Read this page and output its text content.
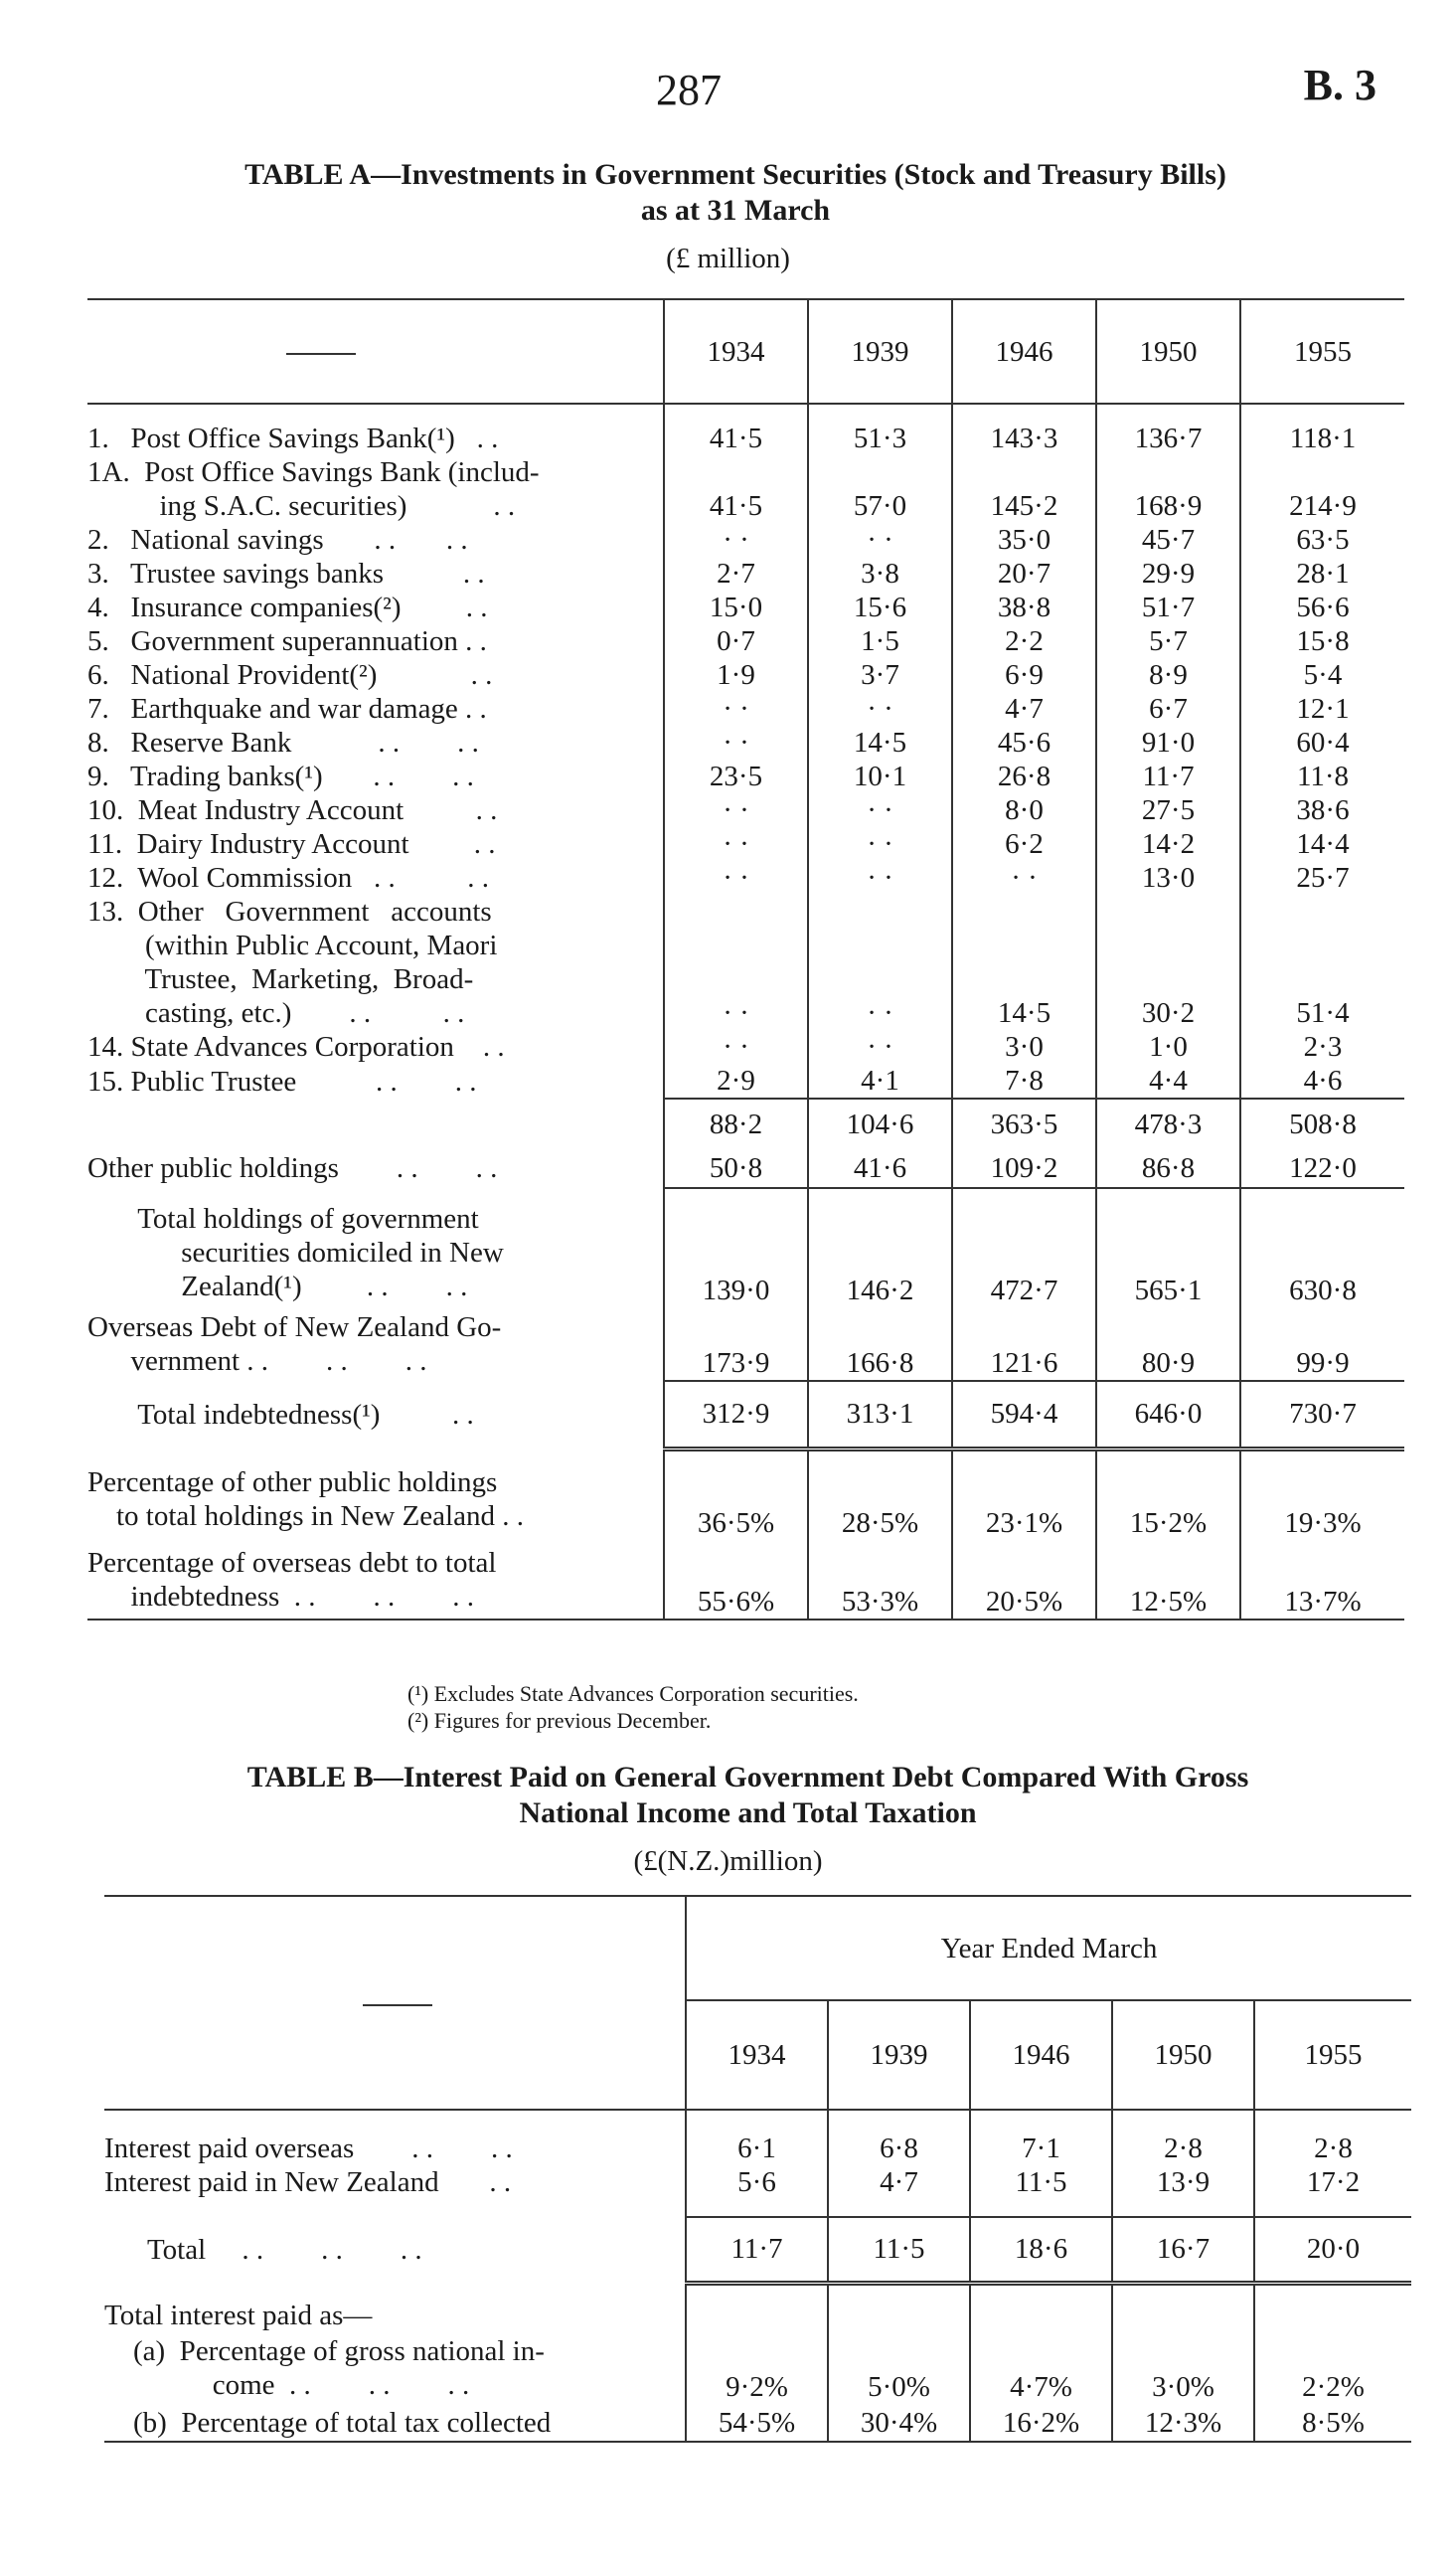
287	B. 3
TABLE A—Investments in Government Securities (Stock and Treasury Bills)
as at 31 March
(£ million)
	1934	1939	1946	1950	1955

1.   Post Office Savings Bank(¹)   . .	41·5	51·3	143·3	136·7	118·1
1A.  Post Office Savings Bank (includ-
ing S.A.C. securities)            . .	41·5	57·0	145·2	168·9	214·9
2.   National savings       . .       . .	· ·	· ·	35·0	45·7	63·5
3.   Trustee savings banks           . .	2·7	3·8	20·7	29·9	28·1
4.   Insurance companies(²)         . .	15·0	15·6	38·8	51·7	56·6
5.   Government superannuation . .	0·7	1·5	2·2	5·7	15·8
6.   National Provident(²)             . .	1·9	3·7	6·9	8·9	5·4
7.   Earthquake and war damage . .	· ·	· ·	4·7	6·7	12·1
8.   Reserve Bank            . .        . .	· ·	14·5	45·6	91·0	60·4
9.   Trading banks(¹)       . .        . .	23·5	10·1	26·8	11·7	11·8
10.  Meat Industry Account          . .	· ·	· ·	8·0	27·5	38·6
11.  Dairy Industry Account         . .	· ·	· ·	6·2	14·2	14·4
12.  Wool Commission   . .          . .	· ·	· ·	· ·	13·0	25·7
13.  Other   Government   accounts
(within Public Account, Maori
Trustee,  Marketing,  Broad-
casting, etc.)        . .          . .	· ·	· ·	14·5	30·2	51·4
14. State Advances Corporation    . .	· ·	· ·	3·0	1·0	2·3
15. Public Trustee           . .        . .	2·9	4·1	7·8	4·4	4·6
	88·2	104·6	363·5	478·3	508·8
Other public holdings        . .        . .	50·8	41·6	109·2	86·8	122·0
Total holdings of government
securities domiciled in New
Zealand(¹)         . .        . .	139·0	146·2	472·7	565·1	630·8
Overseas Debt of New Zealand Go-
vernment . .        . .        . .	173·9	166·8	121·6	80·9	99·9
Total indebtedness(¹)          . .	312·9	313·1	594·4	646·0	730·7
Percentage of other public holdings
to total holdings in New Zealand . .	36·5%	28·5%	23·1%	15·2%	19·3%
Percentage of overseas debt to total
indebtedness  . .        . .        . .	55·6%	53·3%	20·5%	12·5%	13·7%
(¹) Excludes State Advances Corporation securities.
(²) Figures for previous December.
TABLE B—Interest Paid on General Government Debt Compared With Gross
National Income and Total Taxation
(£(N.Z.)million)
	Year Ended March				
	1934	1939	1946	1950	1955

Interest paid overseas        . .        . .	6·1	6·8	7·1	2·8	2·8
Interest paid in New Zealand       . .	5·6	4·7	11·5	13·9	17·2

Total     . .        . .        . .	11·7	11·5	18·6	16·7	20·0
Total interest paid as—					
(a)  Percentage of gross national in-
come  . .        . .        . .	9·2%	5·0%	4·7%	3·0%	2·2%
(b)  Percentage of total tax collected	54·5%	30·4%	16·2%	12·3%	8·5%
